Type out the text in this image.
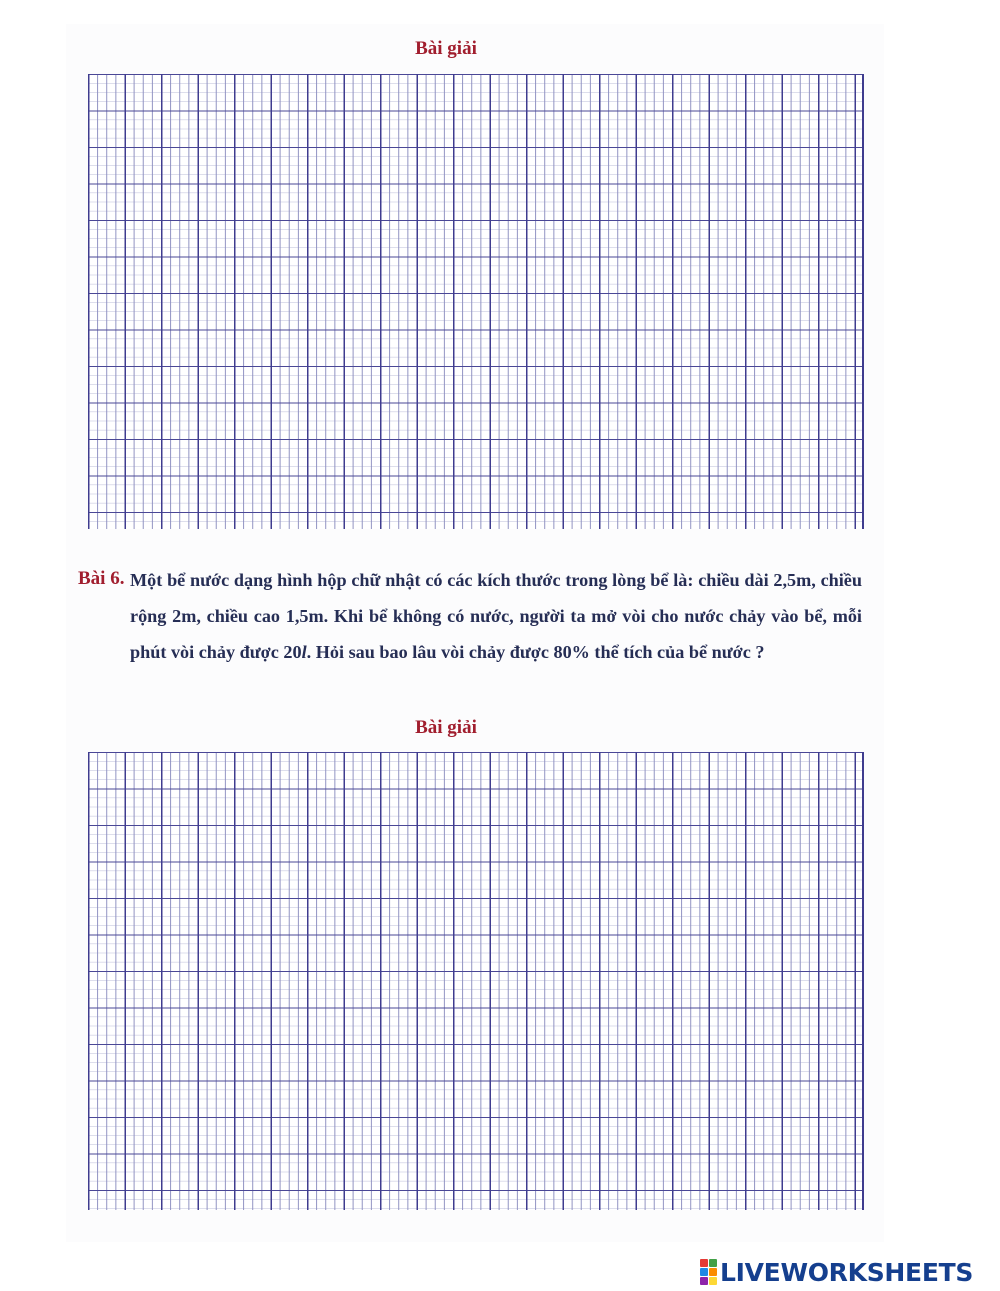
Bài giải

Bài 6. Một bể nước dạng hình hộp chữ nhật có các kích thước trong lòng bể là: chiều dài 2,5m, chiều rộng 2m, chiều cao 1,5m. Khi bể không có nước, người ta mở vòi cho nước chảy vào bể, mỗi phút vòi chảy được 20l. Hỏi sau bao lâu vòi chảy được 80% thể tích của bể nước ?

Bài giải
LIVEWORKSHEETS
